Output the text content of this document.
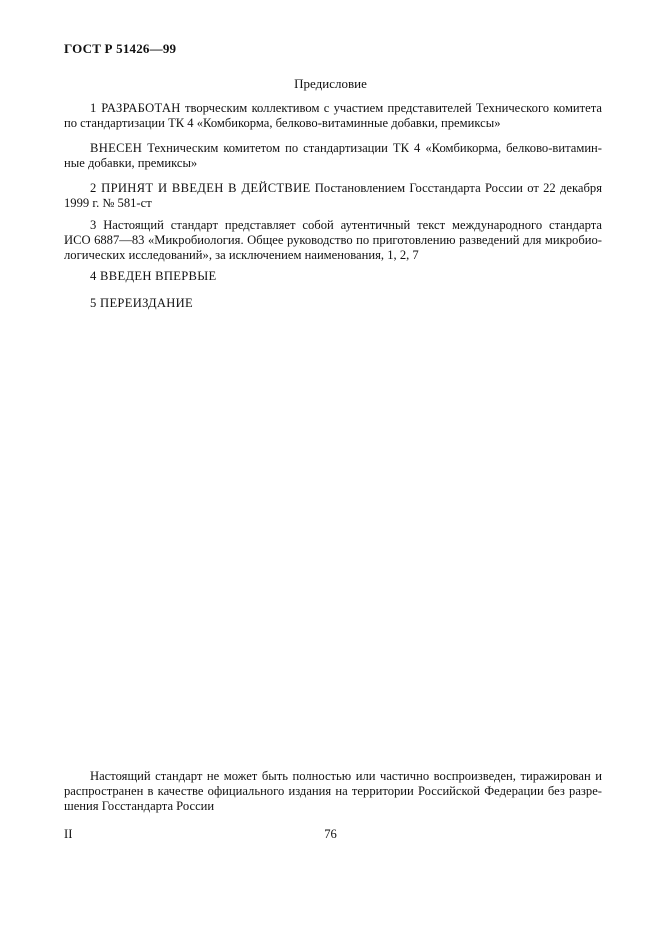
ГОСТ Р 51426—99
Предисловие
1 РАЗРАБОТАН творческим коллективом с участием представителей Технического комитета
по стандартизации ТК 4 «Комбикорма, белково-витаминные добавки, премиксы»
ВНЕСЕН Техническим комитетом по стандартизации ТК 4 «Комбикорма, белково-витамин-
ные добавки, премиксы»
2 ПРИНЯТ И ВВЕДЕН В ДЕЙСТВИЕ Постановлением Госстандарта России от 22 декабря
1999 г. № 581-ст
3 Настоящий стандарт представляет собой аутентичный текст международного стандарта
ИСО 6887—83 «Микробиология. Общее руководство по приготовлению разведений для микробио-
логических исследований», за исключением наименования, 1, 2, 7
4 ВВЕДЕН ВПЕРВЫЕ
5 ПЕРЕИЗДАНИЕ
Настоящий стандарт не может быть полностью или частично воспроизведен, тиражирован и
распространен в качестве официального издания на территории Российской Федерации без разре-
шения Госстандарта России
II	76
